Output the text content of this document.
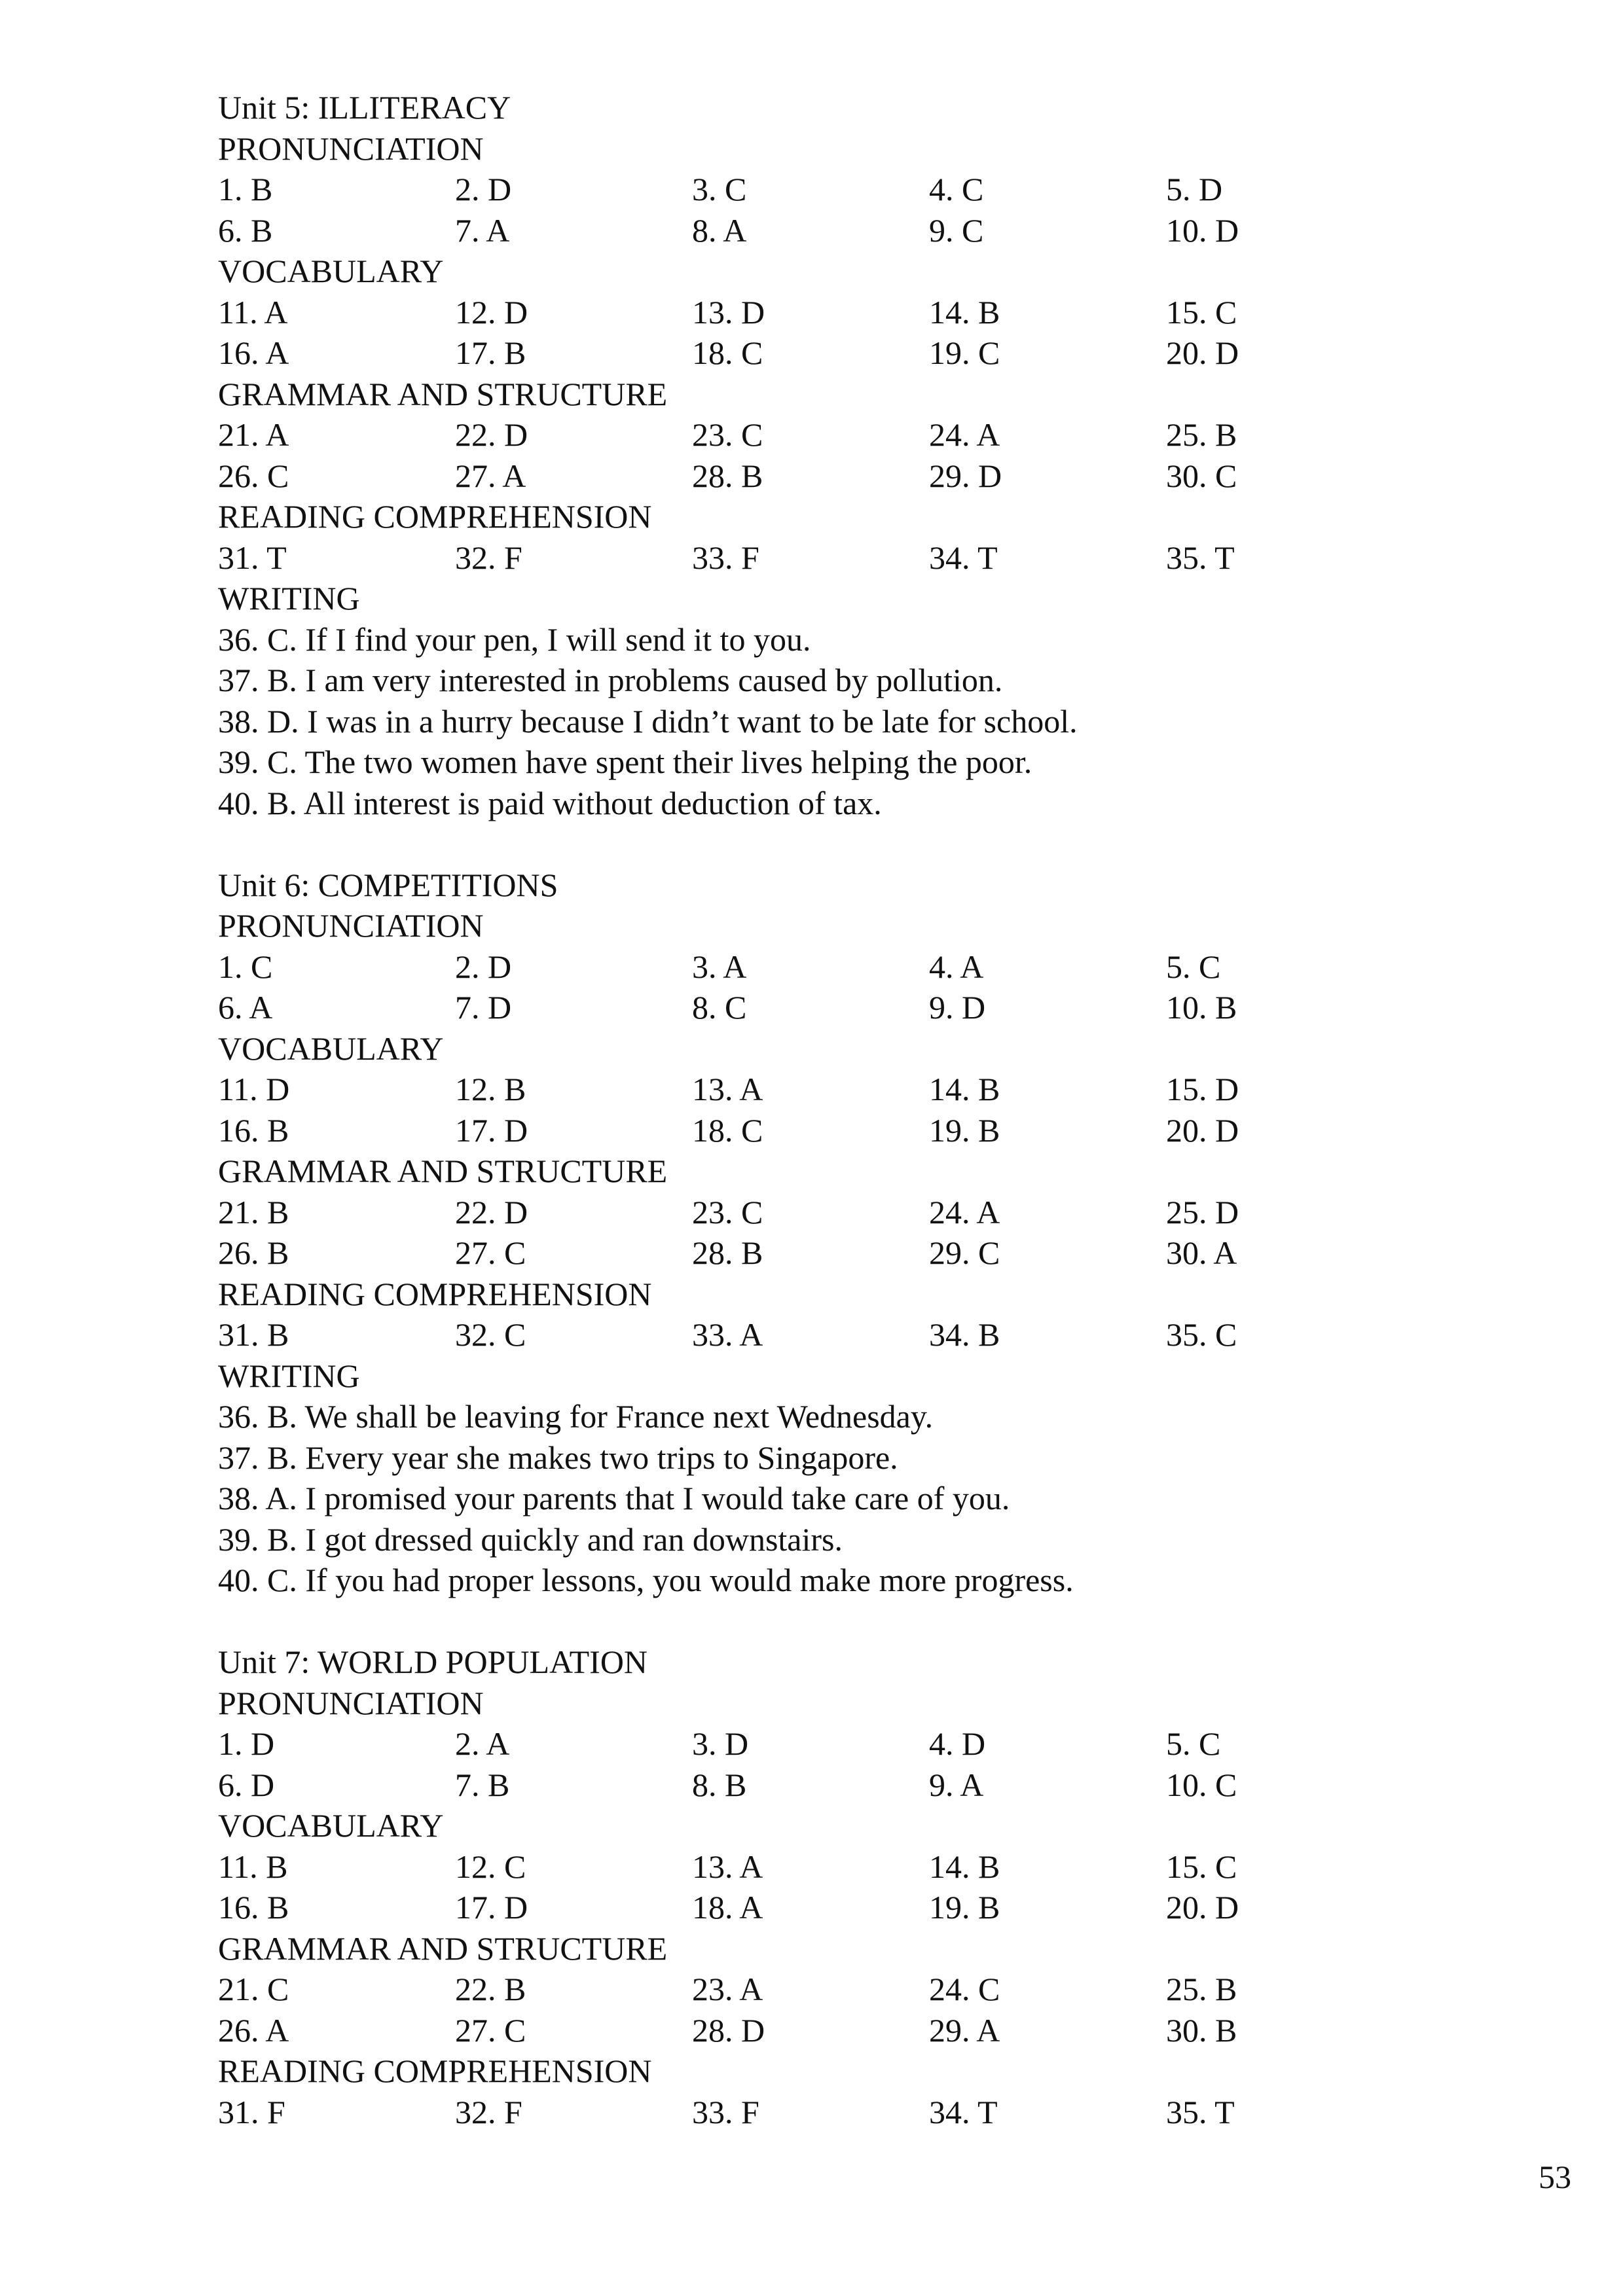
Unit 5: ILLITERACY
PRONUNCIATION
1. B	2. D	3. C	4. C	5. D
6. B	7. A	8. A	9. C	10. D
VOCABULARY
11. A	12. D	13. D	14. B	15. C
16. A	17. B	18. C	19. C	20. D
GRAMMAR AND STRUCTURE
21. A	22. D	23. C	24. A	25. B
26. C	27. A	28. B	29. D	30. C
READING COMPREHENSION
31. T	32. F	33. F	34. T	35. T
WRITING
36. C. If I find your pen, I will send it to you.
37. B. I am very interested in problems caused by pollution.
38. D. I was in a hurry because I didn’t want to be late for school.
39. C. The two women have spent their lives helping the poor.
40. B. All interest is paid without deduction of tax.
Unit 6: COMPETITIONS
PRONUNCIATION
1. C	2. D	3. A	4. A	5. C
6. A	7. D	8. C	9. D	10. B
VOCABULARY
11. D	12. B	13. A	14. B	15. D
16. B	17. D	18. C	19. B	20. D
GRAMMAR AND STRUCTURE
21. B	22. D	23. C	24. A	25. D
26. B	27. C	28. B	29. C	30. A
READING COMPREHENSION
31. B	32. C	33. A	34. B	35. C
WRITING
36. B. We shall be leaving for France next Wednesday.
37. B. Every year she makes two trips to Singapore.
38. A. I promised your parents that I would take care of you.
39. B. I got dressed quickly and ran downstairs.
40. C. If you had proper lessons, you would make more progress.
Unit 7: WORLD POPULATION
PRONUNCIATION
1. D	2. A	3. D	4. D	5. C
6. D	7. B	8. B	9. A	10. C
VOCABULARY
11. B	12. C	13. A	14. B	15. C
16. B	17. D	18. A	19. B	20. D
GRAMMAR AND STRUCTURE
21. C	22. B	23. A	24. C	25. B
26. A	27. C	28. D	29. A	30. B
READING COMPREHENSION
31. F	32. F	33. F	34. T	35. T
53
